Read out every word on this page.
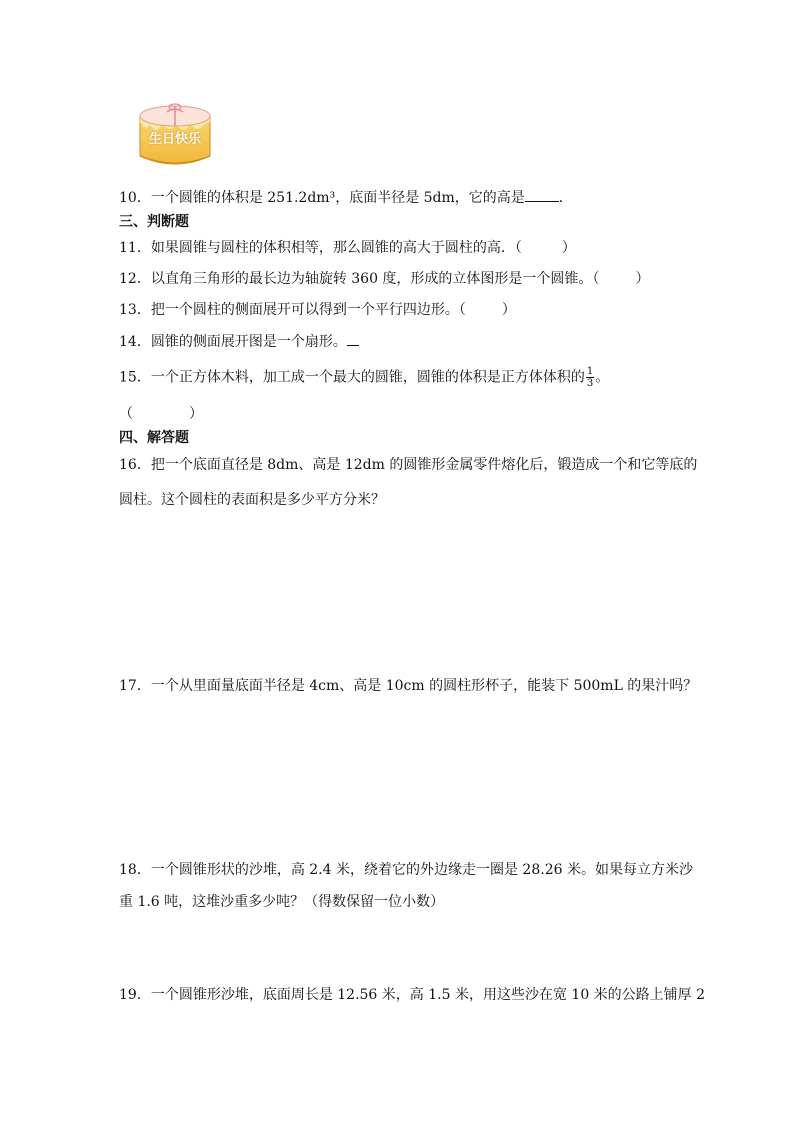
生日快乐
10．一个圆锥的体积是 251.2dm³，底面半径是 5dm，它的高是 ．
三、判断题
11．如果圆锥与圆柱的体积相等，那么圆锥的高大于圆柱的高．（	）
12．以直角三角形的最长边为轴旋转 360 度，形成的立体图形是一个圆锥。（	）
13．把一个圆柱的侧面展开可以得到一个平行四边形。（	）
14．圆锥的侧面展开图是一个扇形。
15．一个正方体木料，加工成一个最大的圆锥，圆锥的体积是正方体体积的 $\frac{1}{3}$ 。
（	）
四、解答题
16．把一个底面直径是 8dm、高是 12dm 的圆锥形金属零件熔化后，锻造成一个和它等底的
圆柱。这个圆柱的表面积是多少平方分米？
17．一个从里面量底面半径是 4cm、高是 10cm 的圆柱形杯子，能装下 500mL 的果汁吗？
18．一个圆锥形状的沙堆，高 2.4 米，绕着它的外边缘走一圈是 28.26 米。如果每立方米沙
重 1.6 吨，这堆沙重多少吨？（得数保留一位小数）
19．一个圆锥形沙堆，底面周长是 12.56 米，高 1.5 米，用这些沙在宽 10 米的公路上铺厚 2
